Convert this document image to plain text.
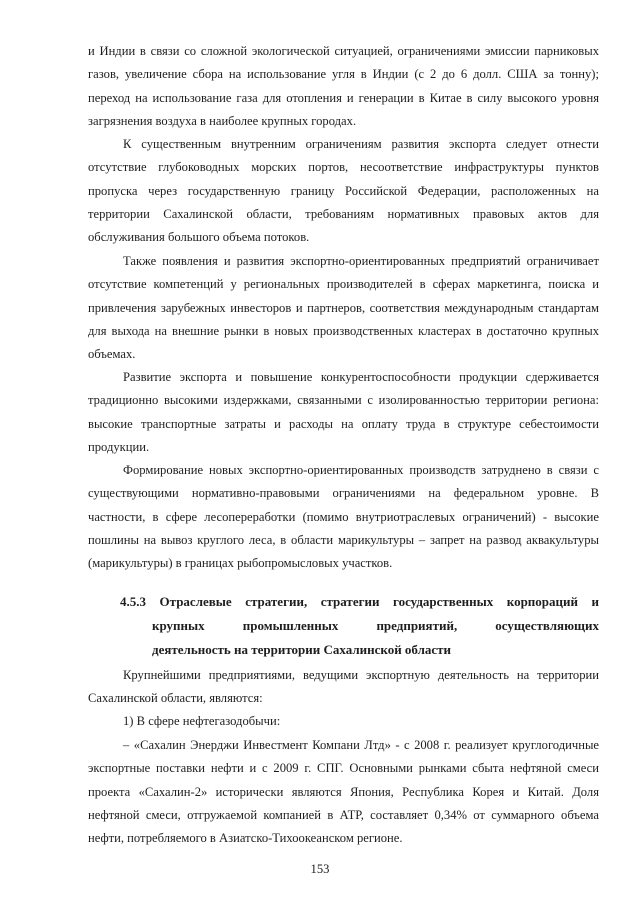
и Индии в связи со сложной экологической ситуацией, ограничениями эмиссии парниковых газов, увеличение сбора на использование угля в Индии (с 2 до 6 долл. США за тонну); переход на использование газа для отопления и генерации в Китае в силу высокого уровня загрязнения воздуха в наиболее крупных городах.

К существенным внутренним ограничениям развития экспорта следует отнести отсутствие глубоководных морских портов, несоответствие инфраструктуры пунктов пропуска через государственную границу Российской Федерации, расположенных на территории Сахалинской области, требованиям нормативных правовых актов для обслуживания большого объема потоков.

Также появления и развития экспортно-ориентированных предприятий ограничивает отсутствие компетенций у региональных производителей в сферах маркетинга, поиска и привлечения зарубежных инвесторов и партнеров, соответствия международным стандартам для выхода на внешние рынки в новых производственных кластерах в достаточно крупных объемах.

Развитие экспорта и повышение конкурентоспособности продукции сдерживается традиционно высокими издержками, связанными с изолированностью территории региона: высокие транспортные затраты и расходы на оплату труда в структуре себестоимости продукции.

Формирование новых экспортно-ориентированных производств затруднено в связи с существующими нормативно-правовыми ограничениями на федеральном уровне. В частности, в сфере лесопереработки (помимо внутриотраслевых ограничений) - высокие пошлины на вывоз круглого леса, в области марикультуры – запрет на развод аквакультуры (марикультуры) в границах рыбопромысловых участков.

4.5.3 Отраслевые стратегии, стратегии государственных корпораций и
крупных промышленных предприятий, осуществляющих
деятельность на территории Сахалинской области

Крупнейшими предприятиями, ведущими экспортную деятельность на территории Сахалинской области, являются:

1) В сфере нефтегазодобычи:

– «Сахалин Энерджи Инвестмент Компани Лтд» - с 2008 г. реализует круглогодичные экспортные поставки нефти и с 2009 г. СПГ. Основными рынками сбыта нефтяной смеси проекта «Сахалин-2» исторически являются Япония, Республика Корея и Китай. Доля нефтяной смеси, отгружаемой компанией в АТР, составляет 0,34% от суммарного объема нефти, потребляемого в Азиатско-Тихоокеанском регионе.

153
